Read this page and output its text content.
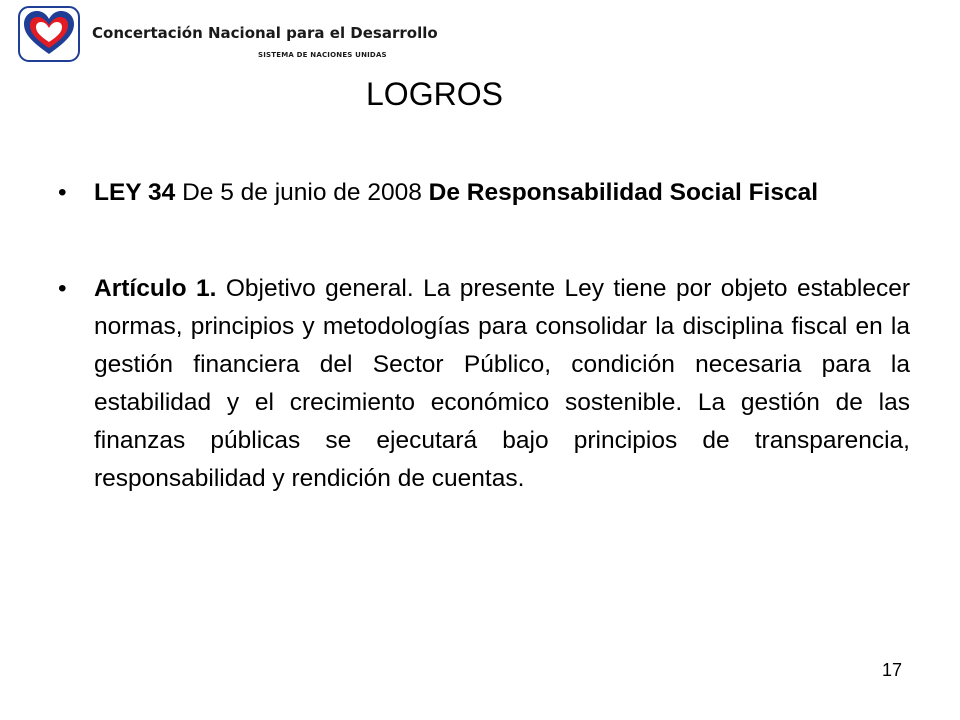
Concertación Nacional para el Desarrollo
SISTEMA DE NACIONES UNIDAS
LOGROS
• LEY 34 De 5 de junio de 2008 De Responsabilidad Social Fiscal
• Artículo 1. Objetivo general. La presente Ley tiene por objeto establecer normas, principios y metodologías para consolidar la disciplina fiscal en la gestión financiera del Sector Público, condición necesaria para la estabilidad y el crecimiento económico sostenible. La gestión de las finanzas públicas se ejecutará bajo principios de transparencia, responsabilidad y rendición de cuentas.
17
